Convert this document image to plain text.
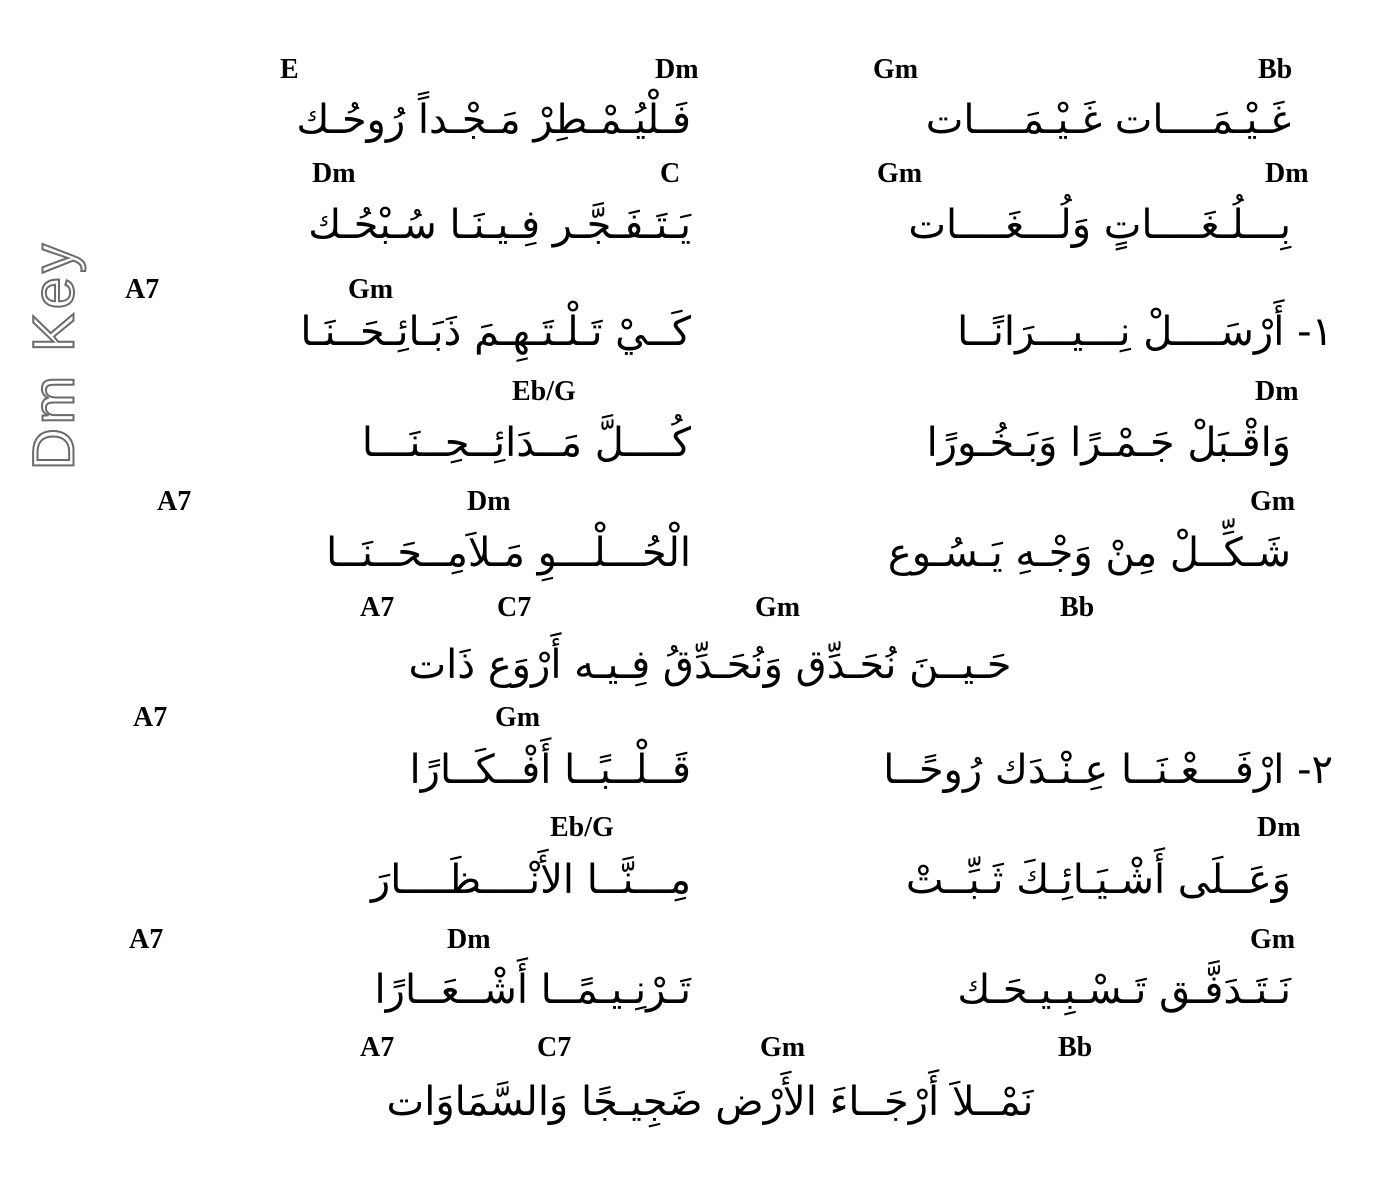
Dm Key
E	Dm	Gm	Bb
غَـيْـمَــــات غَـيْـمَــــات
فَـلْيُـمْـطِرْ مَـجْـداً رُوحُـك
Dm	C	Gm	Dm
بِـــلُـغَــــاتٍ وَلُـــغَــــات
يَـتَـفَـجَّـر فِـيـنَـا سُـبْحُـك
A7	Gm
١- أَرْسَــــلْ نِـــيـــرَانًــا
كَــيْ تَـلْـتَـهِـمَ ذَبَـائِـحَــنَـا
Eb/G	Dm
وَاقْـبَلْ جَـمْـرًا وَبَـخُـورًا
كُــــلَّ مَــدَائِــحِــنَـــا
A7	Dm	Gm
شَـكِّــلْ مِنْ وَجْـهِ يَـسُـوع
الْحُـــلْـــوِ مَـلاَمِــحَــنَــا
A7	C7	Gm	Bb
حَـيــنَ نُحَـدِّق وَنُحَـدِّقُ فِـيـه أَرْوَع ذَات
A7	Gm
٢- ارْفَـــعْـنَــا عِـنْـدَك رُوحًــا
قَــلْــبًــا أَفْــكَــارًا
Eb/G	Dm
وَعَــلَى أَشْـيَـائِـكَ ثَـبِّــتْ
مِـــنَّــا الأَنْــــظَــــارَ
A7	Dm	Gm
نَـتَـدَفَّـق تَـسْـبِـيـحَـك
تَـرْنِـيـمًــا أَشْــعَــارًا
A7	C7	Gm	Bb
نَمْــلاَ أَرْجَــاءَ الأَرْض ضَجِيـجًا وَالسَّمَاوَات
